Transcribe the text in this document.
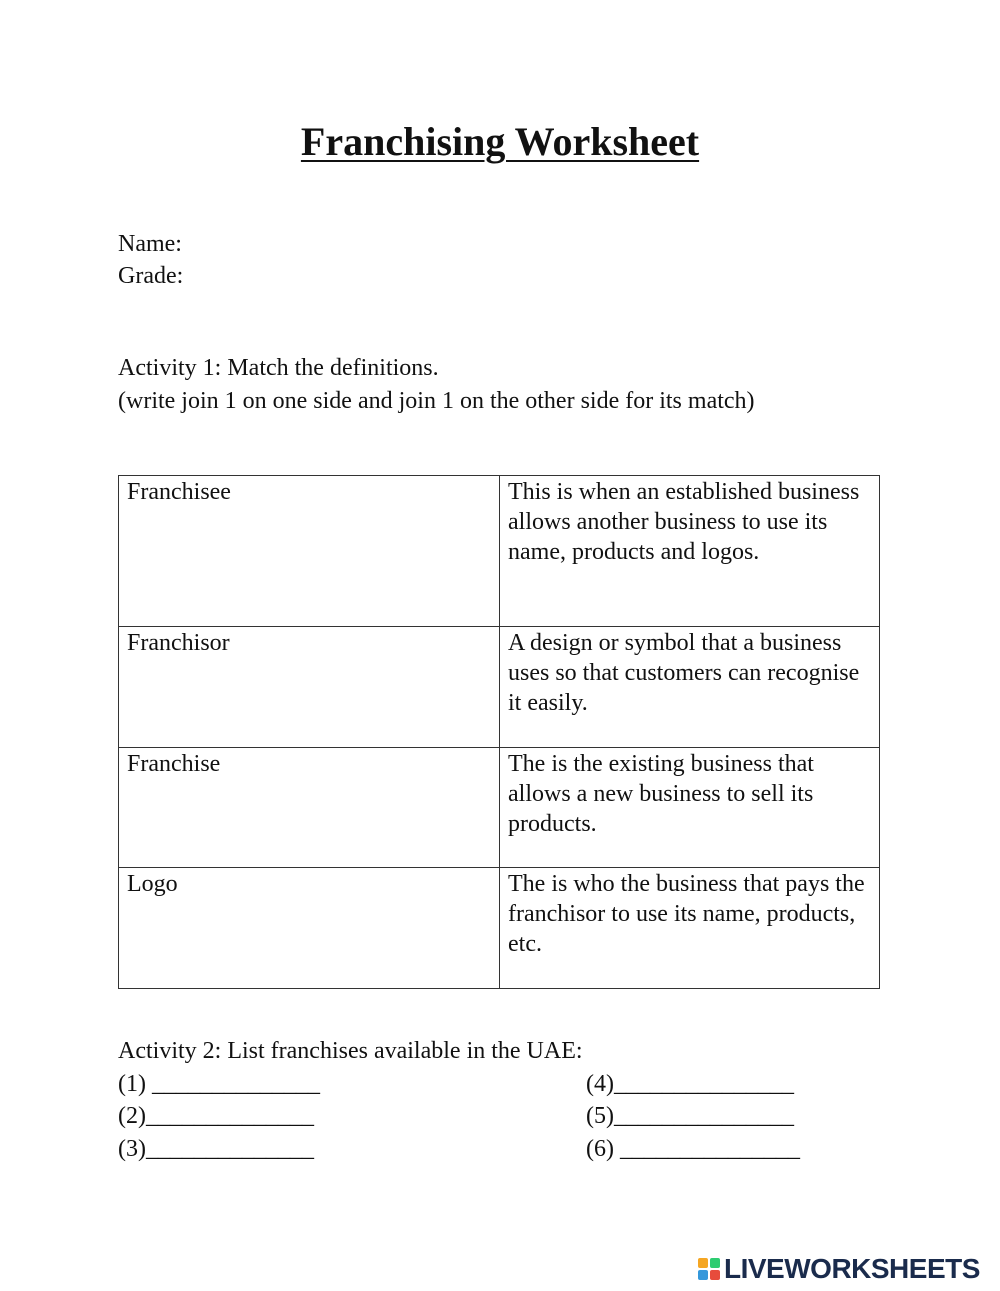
Franchising Worksheet
Name:
Grade:
Activity 1: Match the definitions.
(write join 1 on one side and join 1 on the other side for its match)
Franchisee	This is when an established business allows another business to use its name, products and logos.
Franchisor	A design or symbol that a business uses so that customers can recognise it easily.
Franchise	The is the existing business that allows a new business to sell its products.
Logo	The is who the business that pays the franchisor to use its name, products, etc.
Activity 2: List franchises available in the UAE:
(1) ______________
(2)______________
(3)______________
(4)_______________
(5)_______________
(6) _______________
LIVEWORKSHEETS
